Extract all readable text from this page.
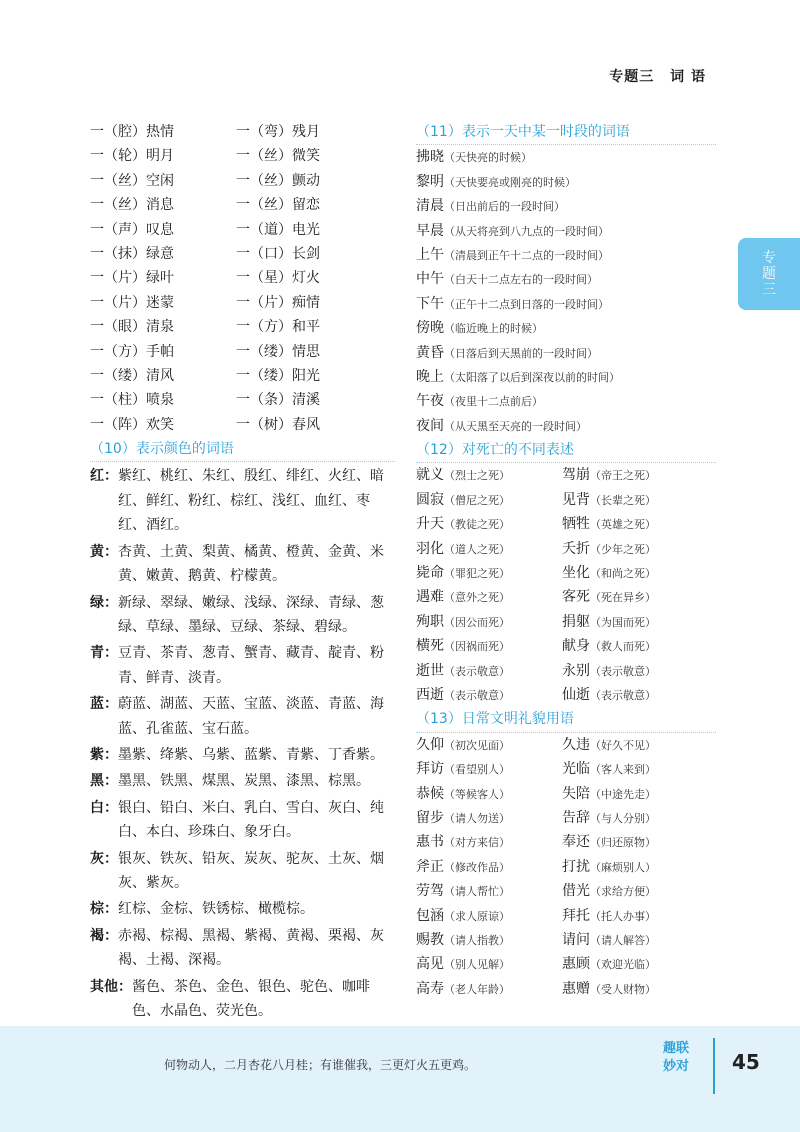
专题三 词 语
专题三
一（腔）热情	一（弯）残月
一（轮）明月	一（丝）微笑
一（丝）空闲	一（丝）颤动
一（丝）消息	一（丝）留恋
一（声）叹息	一（道）电光
一（抹）绿意	一（口）长剑
一（片）绿叶	一（星）灯火
一（片）迷蒙	一（片）痴情
一（眼）清泉	一（方）和平
一（方）手帕	一（缕）情思
一（缕）清风	一（缕）阳光
一（柱）喷泉	一（条）清溪
一（阵）欢笑	一（树）春风
（10）表示颜色的词语
红： 紫红、桃红、朱红、殷红、绯红、火红、暗红、鲜红、粉红、棕红、浅红、血红、枣红、酒红。
黄： 杏黄、土黄、梨黄、橘黄、橙黄、金黄、米黄、嫩黄、鹅黄、柠檬黄。
绿： 新绿、翠绿、嫩绿、浅绿、深绿、青绿、葱绿、草绿、墨绿、豆绿、茶绿、碧绿。
青： 豆青、茶青、葱青、蟹青、藏青、靛青、粉青、鲜青、淡青。
蓝： 蔚蓝、湖蓝、天蓝、宝蓝、淡蓝、青蓝、海蓝、孔雀蓝、宝石蓝。
紫： 墨紫、绛紫、乌紫、蓝紫、青紫、丁香紫。
黑： 墨黑、铁黑、煤黑、炭黑、漆黑、棕黑。
白： 银白、铅白、米白、乳白、雪白、灰白、纯白、本白、珍珠白、象牙白。
灰： 银灰、铁灰、铅灰、炭灰、驼灰、土灰、烟灰、紫灰。
棕： 红棕、金棕、铁锈棕、橄榄棕。
褐： 赤褐、棕褐、黑褐、紫褐、黄褐、栗褐、灰褐、土褐、深褐。
其他： 酱色、茶色、金色、银色、驼色、咖啡色、水晶色、荧光色。
（11）表示一天中某一时段的词语
拂晓（天快亮的时候）
黎明（天快要亮或刚亮的时候）
清晨（日出前后的一段时间）
早晨（从天将亮到八九点的一段时间）
上午（清晨到正午十二点的一段时间）
中午（白天十二点左右的一段时间）
下午（正午十二点到日落的一段时间）
傍晚（临近晚上的时候）
黄昏（日落后到天黑前的一段时间）
晚上（太阳落了以后到深夜以前的时间）
午夜（夜里十二点前后）
夜间（从天黑至天亮的一段时间）
（12）对死亡的不同表述
就义（烈士之死）	驾崩（帝王之死）
圆寂（僧尼之死）	见背（长辈之死）
升天（教徒之死）	牺牲（英雄之死）
羽化（道人之死）	夭折（少年之死）
毙命（罪犯之死）	坐化（和尚之死）
遇难（意外之死）	客死（死在异乡）
殉职（因公而死）	捐躯（为国而死）
横死（因祸而死）	献身（救人而死）
逝世（表示敬意）	永别（表示敬意）
西逝（表示敬意）	仙逝（表示敬意）
（13）日常文明礼貌用语
久仰（初次见面）	久违（好久不见）
拜访（看望别人）	光临（客人来到）
恭候（等候客人）	失陪（中途先走）
留步（请人勿送）	告辞（与人分别）
惠书（对方来信）	奉还（归还原物）
斧正（修改作品）	打扰（麻烦别人）
劳驾（请人帮忙）	借光（求给方便）
包涵（求人原谅）	拜托（托人办事）
赐教（请人指教）	请问（请人解答）
高见（别人见解）	惠顾（欢迎光临）
高寿（老人年龄）	惠赠（受人财物）
何物动人，二月杏花八月桂；有谁催我，三更灯火五更鸡。
趣联妙对	45
